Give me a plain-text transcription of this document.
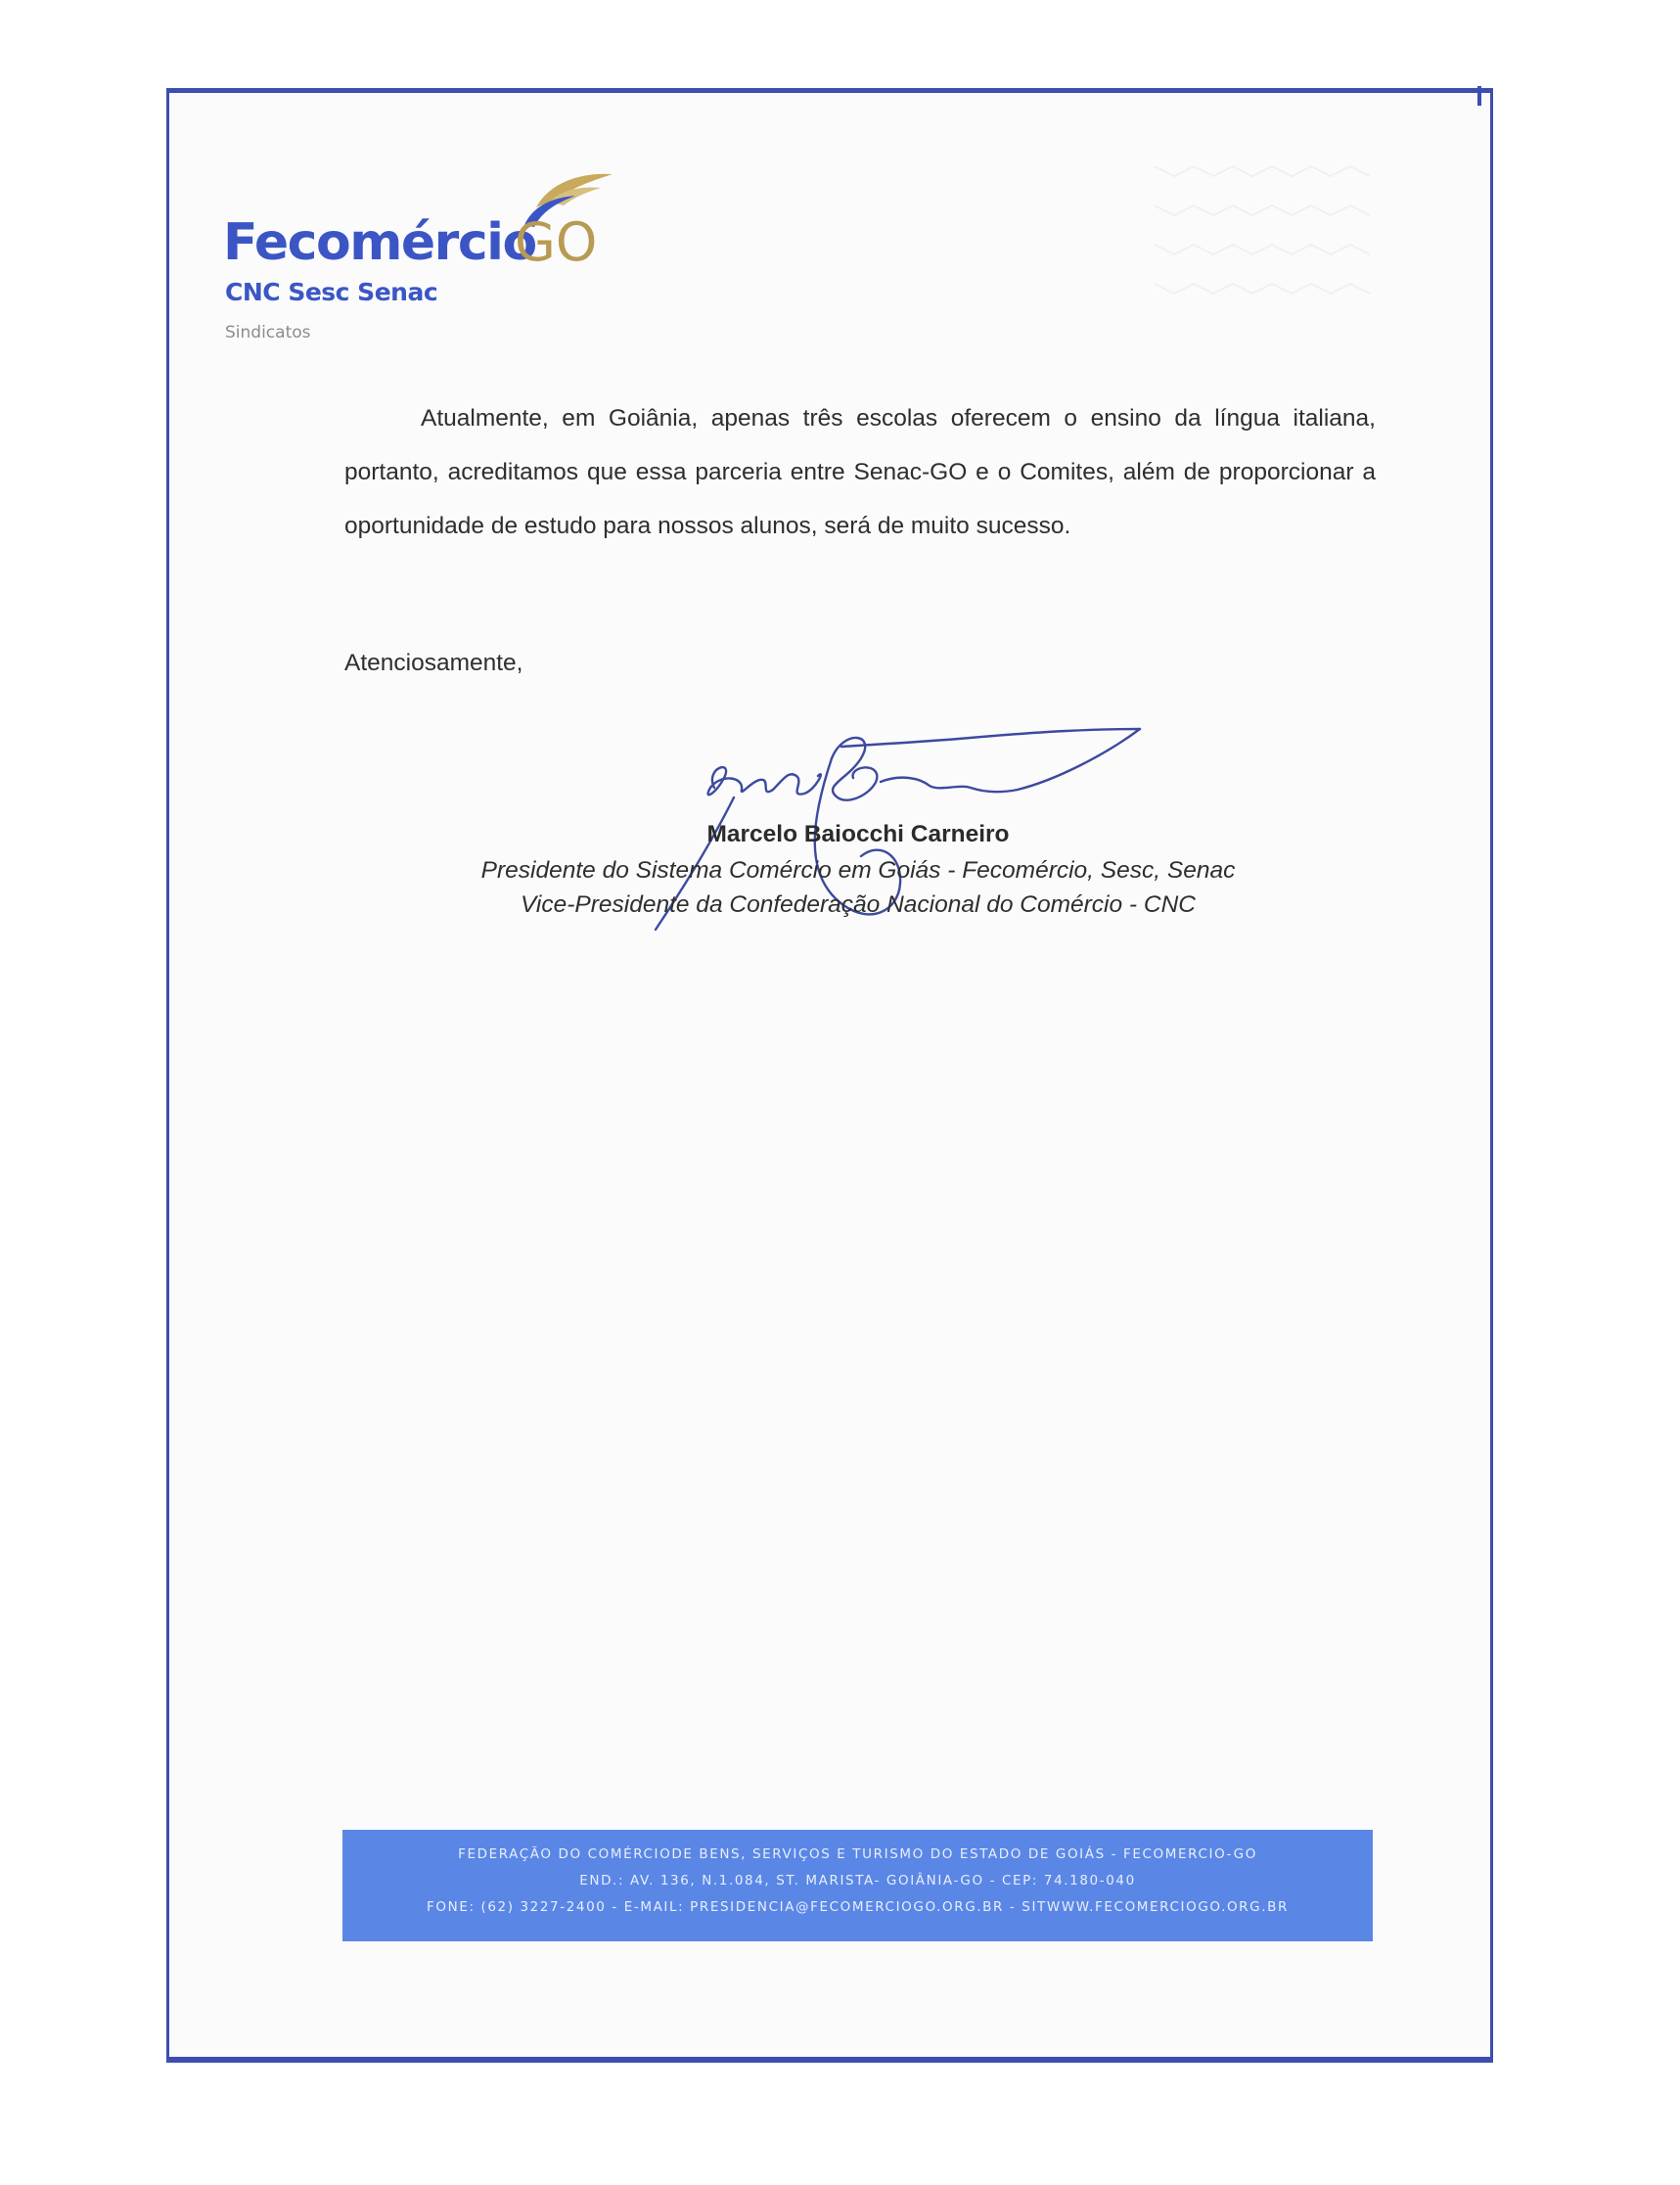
Fecomércio
GO
CNC Sesc Senac
Sindicatos
Atualmente, em Goiânia, apenas três escolas oferecem o ensino da língua italiana, portanto, acreditamos que essa parceria entre Senac-GO e o Comites, além de proporcionar a oportunidade de estudo para nossos alunos, será de muito sucesso.
Atenciosamente,
Marcelo Baiocchi Carneiro
Presidente do Sistema Comércio em Goiás - Fecomércio, Sesc, Senac
Vice-Presidente da Confederação Nacional do Comércio - CNC
FEDERAÇÃO DO COMÉRCIODE BENS, SERVIÇOS E TURISMO DO ESTADO DE GOIÁS - FECOMERCIO-GO
END.: AV. 136, N.1.084, ST. MARISTA- GOIÂNIA-GO - CEP: 74.180-040
FONE: (62) 3227-2400 - E-MAIL: PRESIDENCIA@FECOMERCIOGO.ORG.BR - SITWWW.FECOMERCIOGO.ORG.BR
